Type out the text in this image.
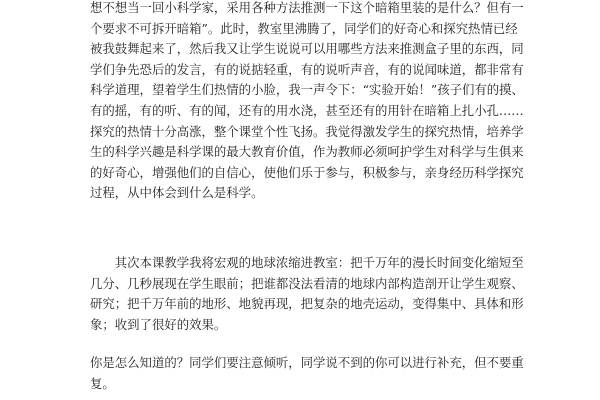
想不想当一回小科学家，采用各种方法推测一下这个暗箱里装的是什么？但有一
个要求不可拆开暗箱”。此时，教室里沸腾了，同学们的好奇心和探究热情已经
被我鼓舞起来了，然后我又让学生说说可以用哪些方法来推测盒子里的东西，同
学们争先恐后的发言，有的说掂轻重，有的说听声音，有的说闻味道，都非常有
科学道理，望着学生们热情的小脸，我一声令下：“实验开始！”孩子们有的摸、
有的摇，有的听、有的闻，还有的用水浇，甚至还有的用针在暗箱上扎小孔……
探究的热情十分高涨，整个课堂个性飞扬。我觉得激发学生的探究热情，培养学
生的科学兴趣是科学课的最大教育价值，作为教师必须呵护学生对科学与生俱来
的好奇心，增强他们的自信心，使他们乐于参与，积极参与，亲身经历科学探究
过程，从中体会到什么是科学。
　　其次本课教学我将宏观的地球浓缩进教室：把千万年的漫长时间变化缩短至
几分、几秒展现在学生眼前；把谁都没法看清的地球内部构造剖开让学生观察、
研究；把千万年前的地形、地貌再现，把复杂的地壳运动，变得集中、具体和形
象；收到了很好的效果。
你是怎么知道的？同学们要注意倾听，同学说不到的你可以进行补充，但不要重
复。
